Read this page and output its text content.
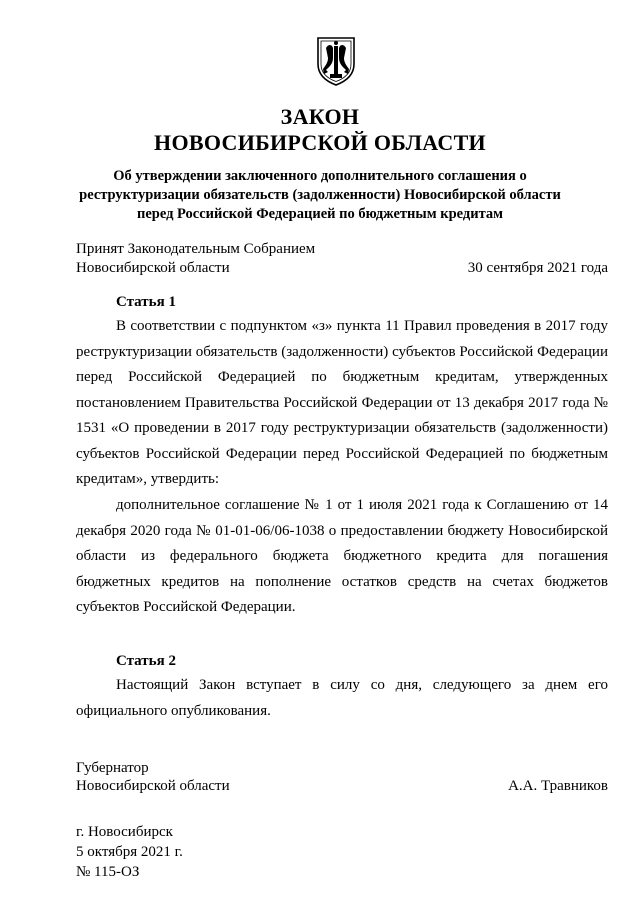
ЗАКОН
НОВОСИБИРСКОЙ ОБЛАСТИ
Об утверждении заключенного дополнительного соглашения о
реструктуризации обязательств (задолженности) Новосибирской области
перед Российской Федерацией по бюджетным кредитам
Принят Законодательным Собранием
Новосибирской области	30 сентября 2021 года
Статья 1

В соответствии с подпунктом «з» пункта 11 Правил проведения в 2017 году реструктуризации обязательств (задолженности) субъектов Российской Федерации перед Российской Федерацией по бюджетным кредитам, утвержденных постановлением Правительства Российской Федерации от 13 декабря 2017 года № 1531 «О проведении в 2017 году реструктуризации обязательств (задолженности) субъектов Российской Федерации перед Российской Федерацией по бюджетным кредитам», утвердить:

дополнительное соглашение № 1 от 1 июля 2021 года к Соглашению от 14 декабря 2020 года № 01-01-06/06-1038 о предоставлении бюджету Новосибирской области из федерального бюджета бюджетного кредита для погашения бюджетных кредитов на пополнение остатков средств на счетах бюджетов субъектов Российской Федерации.

Статья 2

Настоящий Закон вступает в силу со дня, следующего за днем его официального опубликования.

Губернатор
Новосибирской области	А.А. Травников
г. Новосибирск
5 октября 2021 г.
№ 115-ОЗ
